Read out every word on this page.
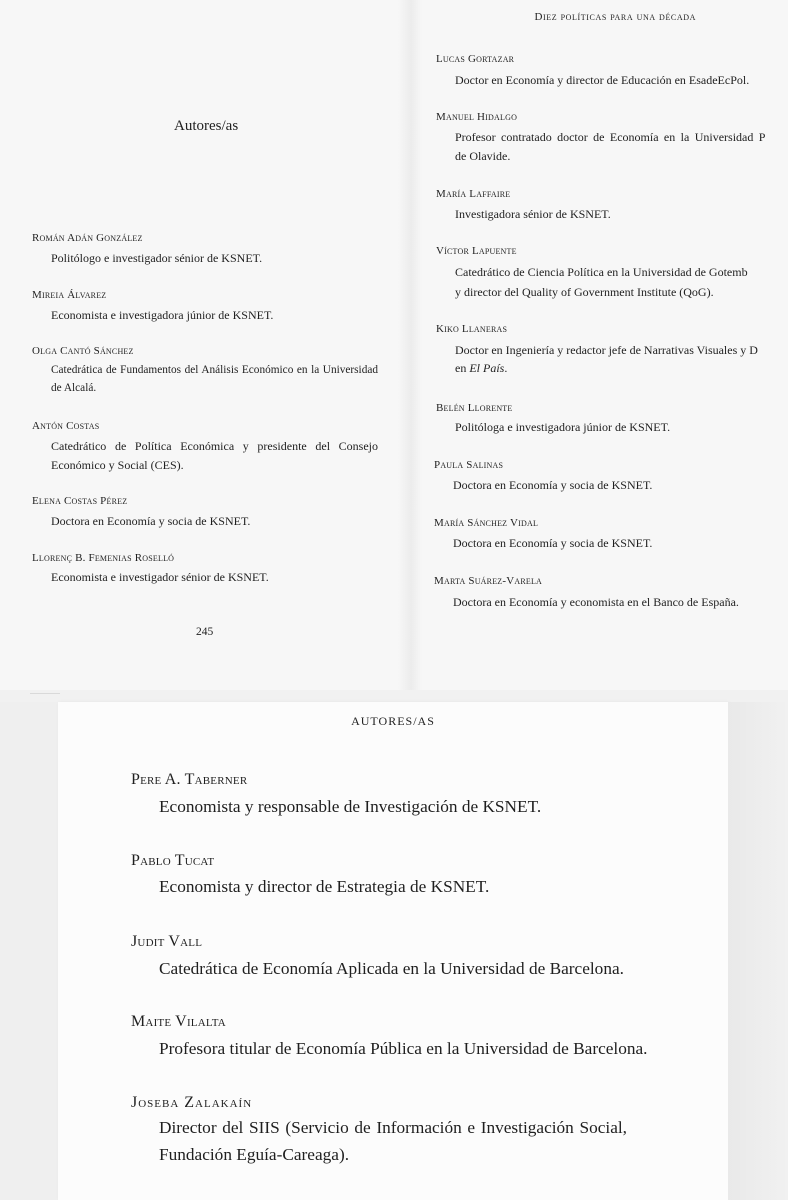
Diez políticas para una década
Autores/as
Román Adán González
Politólogo e investigador sénior de KSNET.
Mireia Álvarez
Economista e investigadora júnior de KSNET.
Olga Cantó Sánchez
Catedrática de Fundamentos del Análisis Económico en la Universidad
de Alcalá.
Antón Costas
Catedrático de Política Económica y presidente del Consejo
Económico y Social (CES).
Elena Costas Pérez
Doctora en Economía y socia de KSNET.
Llorenç B. Femenias Roselló
Economista e investigador sénior de KSNET.
245
Lucas Gortazar
Doctor en Economía y director de Educación en EsadeEcPol.
Manuel Hidalgo
Profesor contratado doctor de Economía en la Universidad P
de Olavide.
María Laffaire
Investigadora sénior de KSNET.
Víctor Lapuente
Catedrático de Ciencia Política en la Universidad de Gotemb
y director del Quality of Government Institute (QoG).
Kiko Llaneras
Doctor en Ingeniería y redactor jefe de Narrativas Visuales y D
en El País.
Belén Llorente
Politóloga e investigadora júnior de KSNET.
Paula Salinas
Doctora en Economía y socia de KSNET.
María Sánchez Vidal
Doctora en Economía y socia de KSNET.
Marta Suárez-Varela
Doctora en Economía y economista en el Banco de España.
AUTORES/AS
Pere A. Taberner
Economista y responsable de Investigación de KSNET.
Pablo Tucat
Economista y director de Estrategia de KSNET.
Judit Vall
Catedrática de Economía Aplicada en la Universidad de Barcelona.
Maite Vilalta
Profesora titular de Economía Pública en la Universidad de Barcelona.
Joseba Zalakaín
Director del SIIS (Servicio de Información e Investigación Social,
Fundación Eguía-Careaga).
